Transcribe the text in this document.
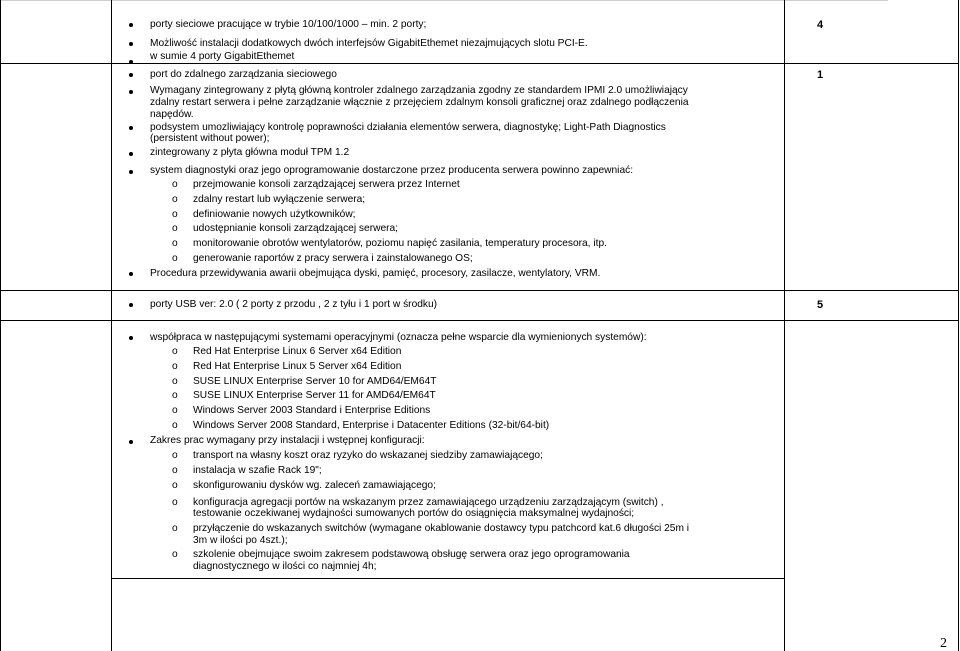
porty sieciowe pracujące w trybie 10/100/1000 – min. 2 porty;
Możliwość instalacji dodatkowych dwóch interfejsów GigabitEthemet niezajmujących slotu PCI-E.
w sumie 4 porty GigabitEthemet
4
1
port do zdalnego zarządzania sieciowego
Wymagany zintegrowany z płytą główną kontroler zdalnego zarządzania zgodny ze standardem IPMI 2.0 umożliwiający
zdalny restart serwera i pełne zarządzanie włącznie z przejęciem zdalnym konsoli graficznej oraz zdalnego podłączenia
napędów.
podsystem umozliwiający kontrolę poprawności działania elementów serwera, diagnostykę; Light-Path Diagnostics
(persistent without power);
zintegrowany z płyta główna moduł TPM 1.2
system diagnostyki oraz jego oprogramowanie dostarczone przez producenta serwera powinno zapewniać:
o przejmowanie konsoli zarządzającej serwera przez Internet
o zdalny restart lub wyłączenie serwera;
o definiowanie nowych użytkowników;
o udostępnianie konsoli zarządzającej serwera;
o monitorowanie obrotów wentylatorów, poziomu napięć zasilania, temperatury procesora, itp.
o generowanie raportów z pracy serwera i zainstalowanego OS;
Procedura przewidywania awarii obejmująca dyski, pamięć, procesory, zasilacze, wentylatory, VRM.
porty USB ver: 2.0 ( 2 porty z przodu , 2 z tyłu i 1 port w środku)	5
współpraca w następującymi systemami operacyjnymi (oznacza pełne wsparcie dla wymienionych systemów):
o Red Hat Enterprise Linux 6 Server x64 Edition
o Red Hat Enterprise Linux 5 Server x64 Edition
o SUSE LINUX Enterprise Server 10 for AMD64/EM64T
o SUSE LINUX Enterprise Server 11 for AMD64/EM64T
o Windows Server 2003 Standard i Enterprise Editions
o Windows Server 2008 Standard, Enterprise i Datacenter Editions (32-bit/64-bit)
Zakres prac wymagany przy instalacji i wstępnej konfiguracji:
o transport na własny koszt oraz ryzyko do wskazanej siedziby zamawiającego;
o instalacja w szafie Rack 19";
o skonfigurowaniu dysków wg. zaleceń zamawiającego;
o konfiguracja agregacji portów na wskazanym przez zamawiającego urządzeniu zarządzającym (switch) ,
testowanie oczekiwanej wydajności sumowanych portów do osiągnięcia maksymalnej wydajności;
o przyłączenie do wskazanych switchów (wymagane okablowanie dostawcy typu patchcord kat.6 długości 25m i
3m w ilości po 4szt.);
o szkolenie obejmujące swoim zakresem podstawową obsługę serwera oraz jego oprogramowania
diagnostycznego w ilości co najmniej 4h;
2
